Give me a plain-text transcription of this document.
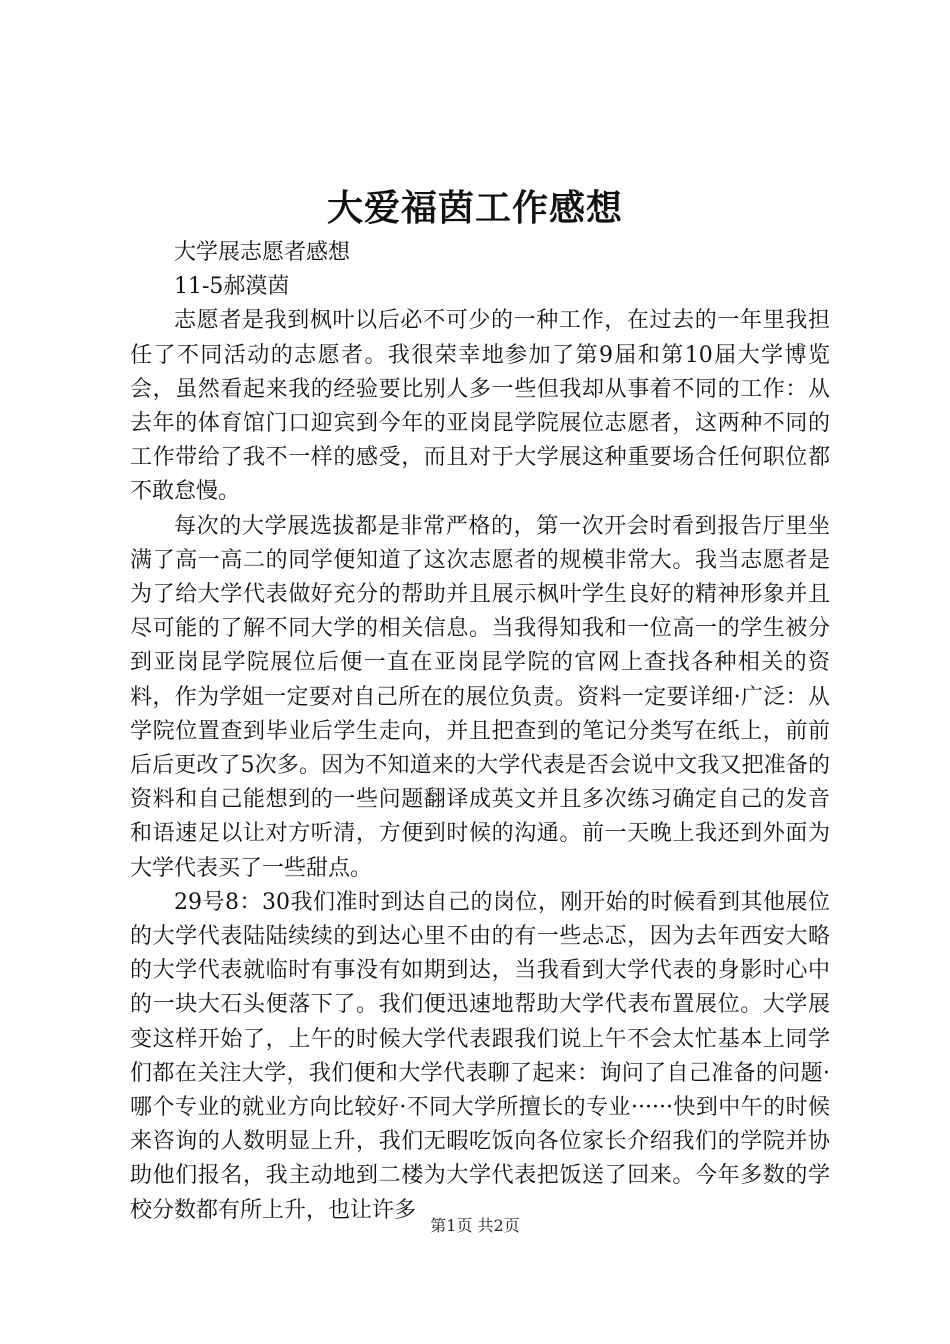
大爱福茵工作感想

大学展志愿者感想

11-5郝漠茵

志愿者是我到枫叶以后必不可少的一种工作，在过去的一年里我担任了不同活动的志愿者。我很荣幸地参加了第9届和第10届大学博览会，虽然看起来我的经验要比别人多一些但我却从事着不同的工作：从去年的体育馆门口迎宾到今年的亚岗昆学院展位志愿者，这两种不同的工作带给了我不一样的感受，而且对于大学展这种重要场合任何职位都不敢怠慢。

每次的大学展选拔都是非常严格的，第一次开会时看到报告厅里坐满了高一高二的同学便知道了这次志愿者的规模非常大。我当志愿者是为了给大学代表做好充分的帮助并且展示枫叶学生良好的精神形象并且尽可能的了解不同大学的相关信息。当我得知我和一位高一的学生被分到亚岗昆学院展位后便一直在亚岗昆学院的官网上查找各种相关的资料，作为学姐一定要对自己所在的展位负责。资料一定要详细·广泛：从学院位置查到毕业后学生走向，并且把查到的笔记分类写在纸上，前前后后更改了5次多。因为不知道来的大学代表是否会说中文我又把准备的资料和自己能想到的一些问题翻译成英文并且多次练习确定自己的发音和语速足以让对方听清，方便到时候的沟通。前一天晚上我还到外面为大学代表买了一些甜点。

29号8：30我们准时到达自己的岗位，刚开始的时候看到其他展位的大学代表陆陆续续的到达心里不由的有一些忐忑，因为去年西安大略的大学代表就临时有事没有如期到达，当我看到大学代表的身影时心中的一块大石头便落下了。我们便迅速地帮助大学代表布置展位。大学展变这样开始了，上午的时候大学代表跟我们说上午不会太忙基本上同学们都在关注大学，我们便和大学代表聊了起来：询问了自己准备的问题·哪个专业的就业方向比较好·不同大学所擅长的专业······快到中午的时候来咨询的人数明显上升，我们无暇吃饭向各位家长介绍我们的学院并协助他们报名，我主动地到二楼为大学代表把饭送了回来。今年多数的学校分数都有所上升，也让许多

第1页 共2页
